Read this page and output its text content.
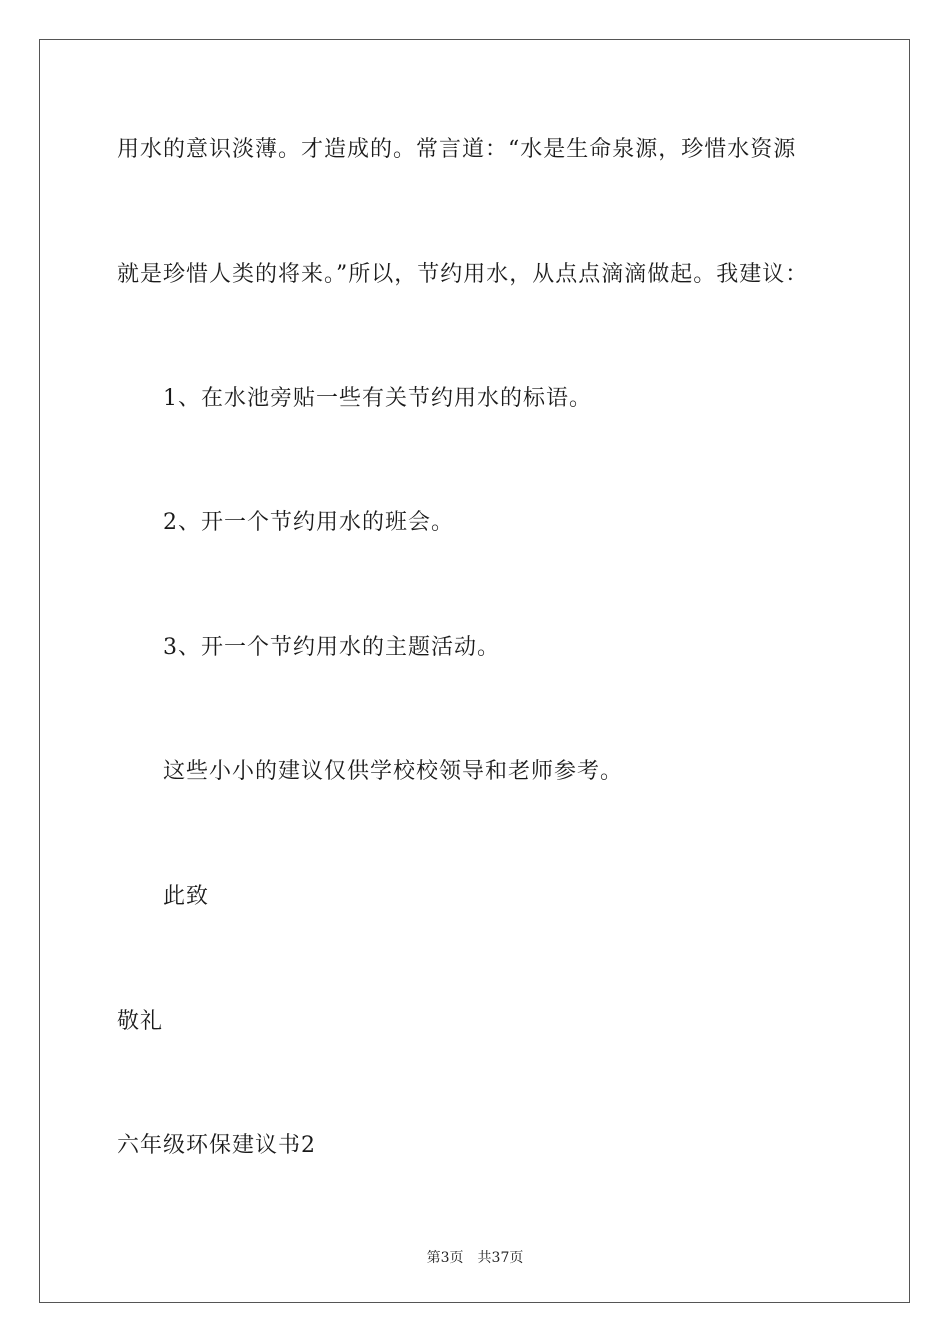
用水的意识淡薄。才造成的。常言道：“水是生命泉源，珍惜水资源

就是珍惜人类的将来。”所以，节约用水，从点点滴滴做起。我建议：

1、在水池旁贴一些有关节约用水的标语。

2、开一个节约用水的班会。

3、开一个节约用水的主题活动。

这些小小的建议仅供学校校领导和老师参考。

此致

敬礼

六年级环保建议书2

第3页 共37页
